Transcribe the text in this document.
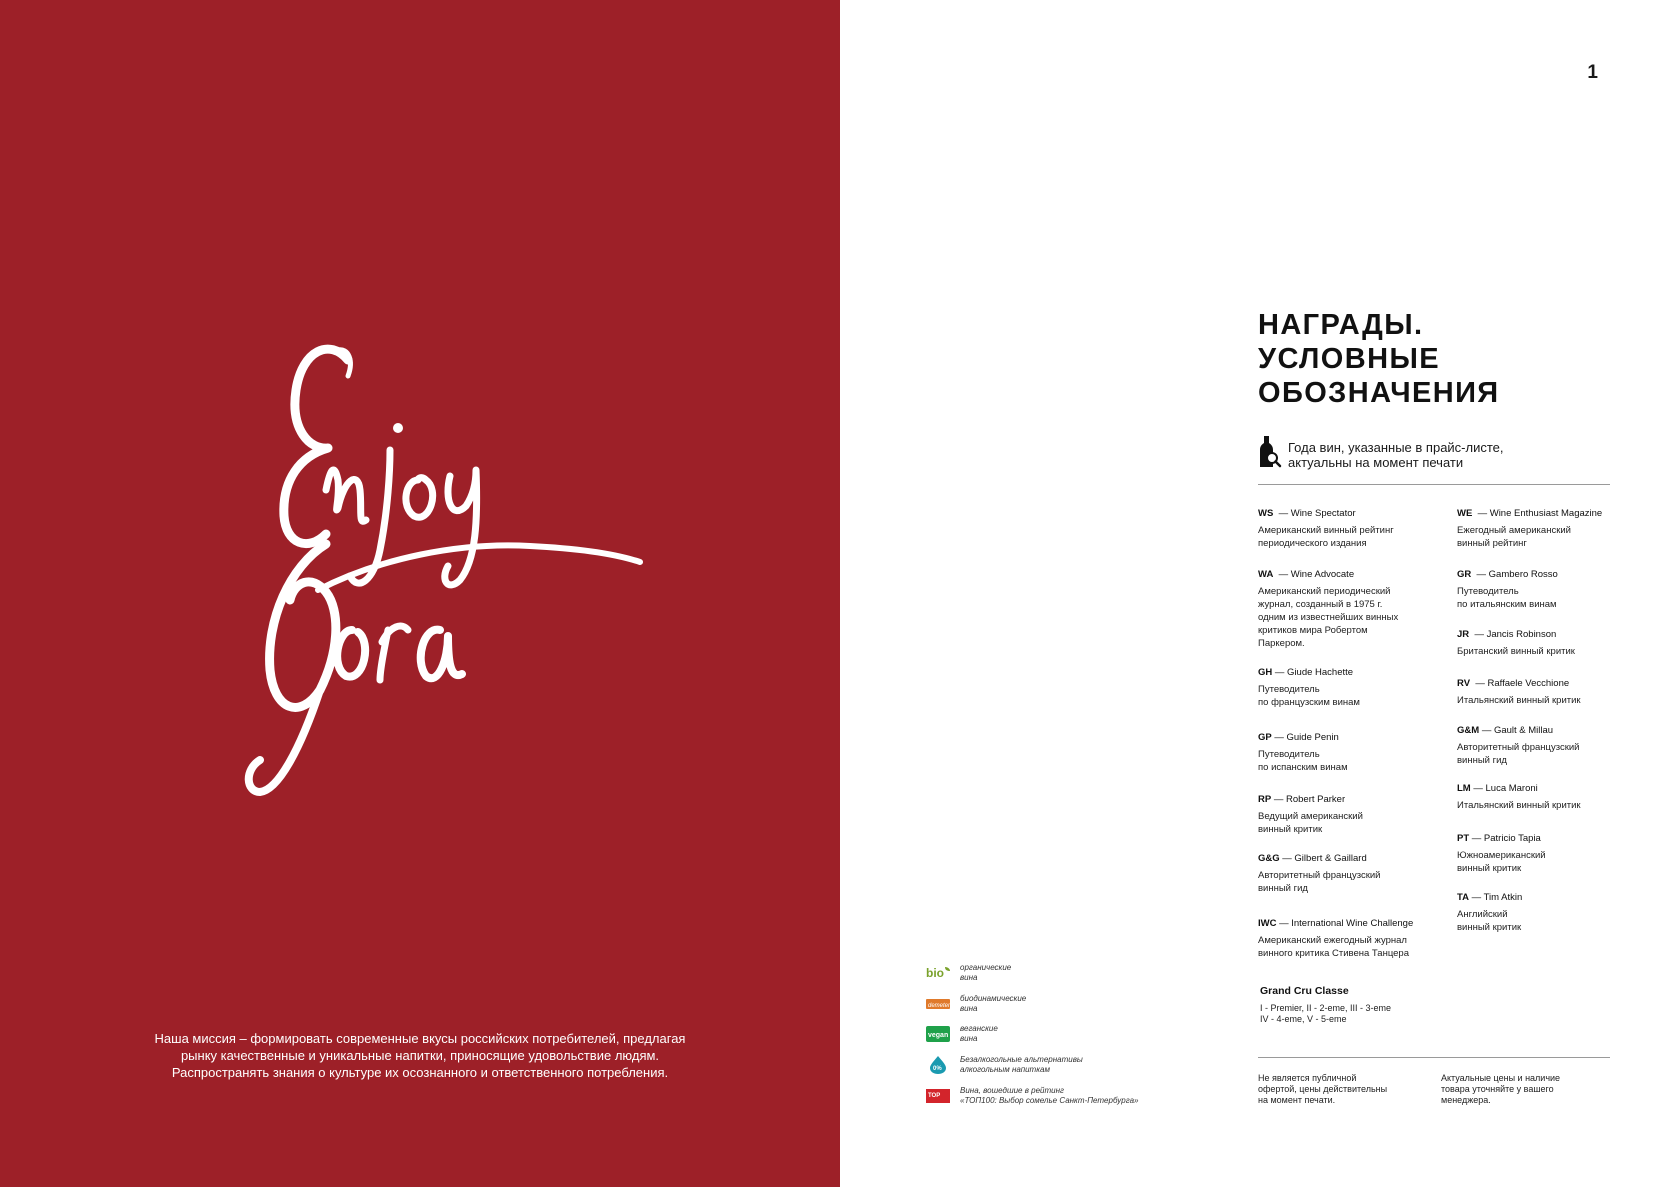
Наша миссия – формировать современные вкусы российских потребителей, предлагая
рынку качественные и уникальные напитки, приносящие удовольствие людям.
Распространять знания о культуре их осознанного и ответственного потребления.
1
НАГРАДЫ.
УСЛОВНЫЕ
ОБОЗНАЧЕНИЯ
Года вин, указанные в прайс-листе,
актуальны на момент печати
WS — Wine Spectator
Американский винный рейтинг
периодического издания
WA — Wine Advocate
Американский периодический
журнал, созданный в 1975 г.
одним из известнейших винных
критиков мира Робертом
Паркером.
GH — Giude Hachette
Путеводитель
по французским винам
GP — Guide Penin
Путеводитель
по испанским винам
RP — Robert Parker
Ведущий американский
винный критик
G&G — Gilbert & Gaillard
Авторитетный французский
винный гид
IWC — International Wine Challenge
Американский ежегодный журнал
винного критика Стивена Танцера
WE — Wine Enthusiast Magazine
Ежегодный американский
винный рейтинг
GR — Gambero Rosso
Путеводитель
по итальянским винам
JR — Jancis Robinson
Британский винный критик
RV — Raffaele Vecchione
Итальянский винный критик
G&M — Gault & Millau
Авторитетный французский
винный гид
LM — Luca Maroni
Итальянский винный критик
PT — Patricio Tapia
Южноамериканский
винный критик
TA — Tim Atkin
Английский
винный критик
Grand Cru Classe
I - Premier, II - 2-eme, III - 3-eme
IV - 4-eme, V - 5-eme
Не является публичной
офертой, цены действительны
на момент печати.
Актуальные цены и наличие
товара уточняйте у вашего
менеджера.
bio органические
вина
demeter
биодинамические
вина
vegan
веганские
вина
0%
Безалкогольные альтернативы
алкогольным напиткам
TOP
Вина, вошедшие в рейтинг
«ТОП100: Выбор сомелье Санкт-Петербурга»
